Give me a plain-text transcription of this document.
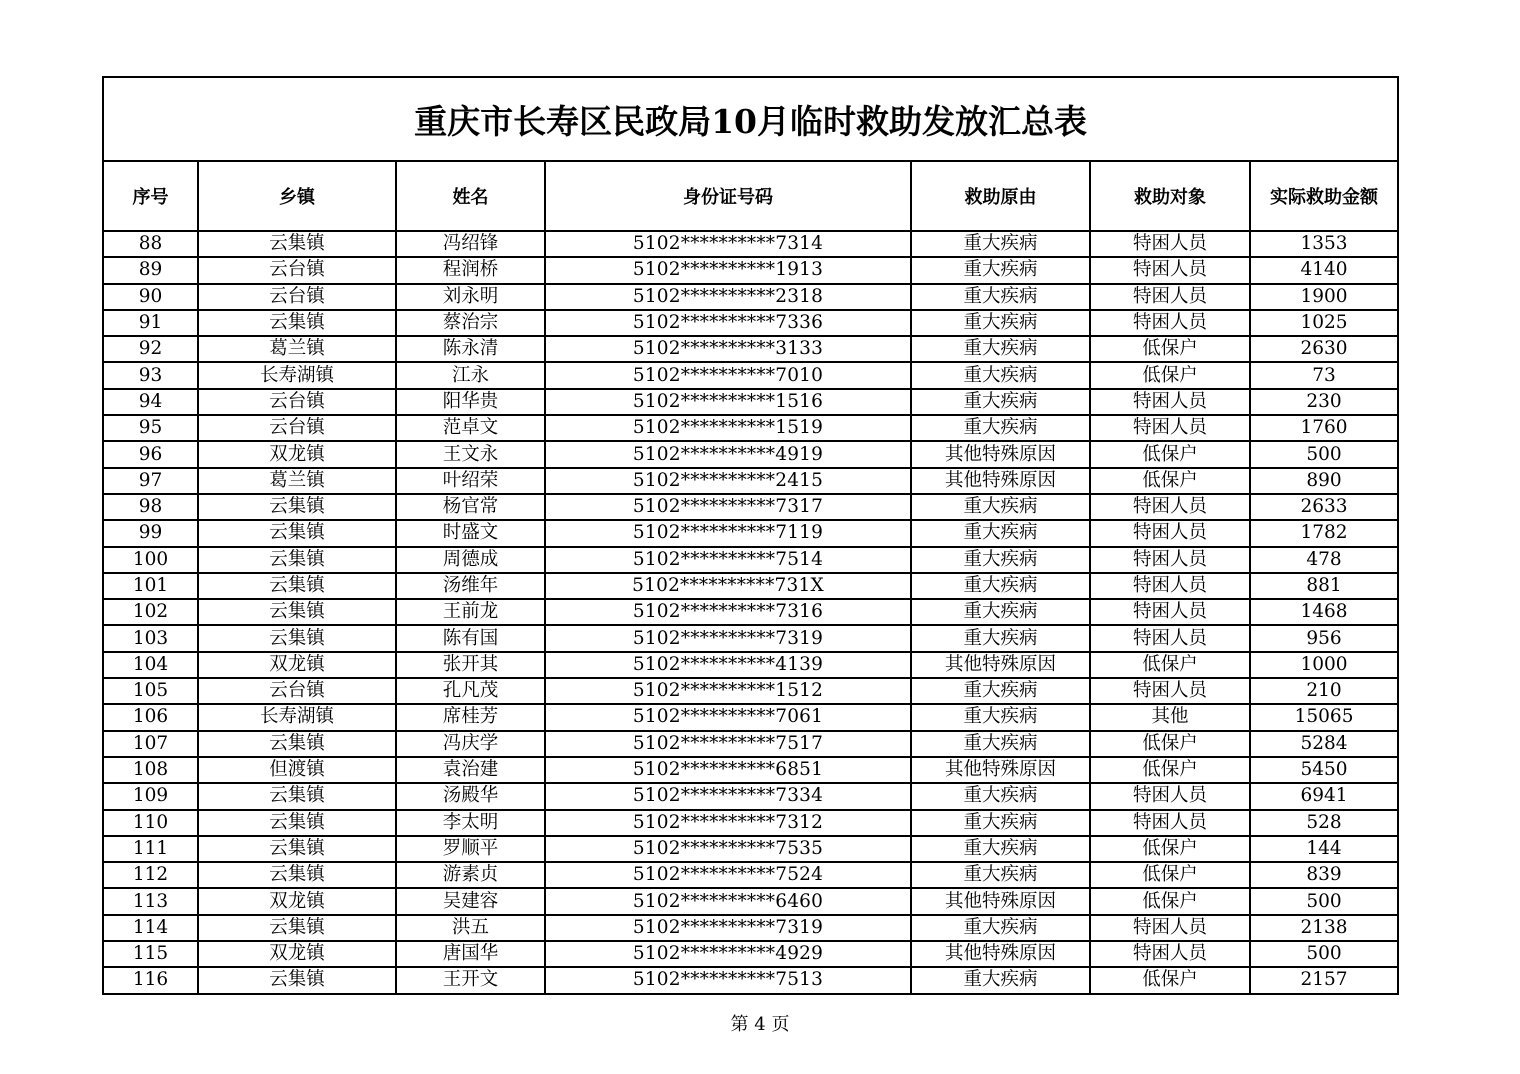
重庆市长寿区民政局10月临时救助发放汇总表						
序号	乡镇	姓名	身份证号码	救助原由	救助对象	实际救助金额
88	云集镇	冯绍锋	5102**********7314	重大疾病	特困人员	1353
89	云台镇	程润桥	5102**********1913	重大疾病	特困人员	4140
90	云台镇	刘永明	5102**********2318	重大疾病	特困人员	1900
91	云集镇	蔡治宗	5102**********7336	重大疾病	特困人员	1025
92	葛兰镇	陈永清	5102**********3133	重大疾病	低保户	2630
93	长寿湖镇	江永	5102**********7010	重大疾病	低保户	73
94	云台镇	阳华贵	5102**********1516	重大疾病	特困人员	230
95	云台镇	范卓文	5102**********1519	重大疾病	特困人员	1760
96	双龙镇	王文永	5102**********4919	其他特殊原因	低保户	500
97	葛兰镇	叶绍荣	5102**********2415	其他特殊原因	低保户	890
98	云集镇	杨官常	5102**********7317	重大疾病	特困人员	2633
99	云集镇	时盛文	5102**********7119	重大疾病	特困人员	1782
100	云集镇	周德成	5102**********7514	重大疾病	特困人员	478
101	云集镇	汤维年	5102**********731X	重大疾病	特困人员	881
102	云集镇	王前龙	5102**********7316	重大疾病	特困人员	1468
103	云集镇	陈有国	5102**********7319	重大疾病	特困人员	956
104	双龙镇	张开其	5102**********4139	其他特殊原因	低保户	1000
105	云台镇	孔凡茂	5102**********1512	重大疾病	特困人员	210
106	长寿湖镇	席桂芳	5102**********7061	重大疾病	其他	15065
107	云集镇	冯庆学	5102**********7517	重大疾病	低保户	5284
108	但渡镇	袁治建	5102**********6851	其他特殊原因	低保户	5450
109	云集镇	汤殿华	5102**********7334	重大疾病	特困人员	6941
110	云集镇	李太明	5102**********7312	重大疾病	特困人员	528
111	云集镇	罗顺平	5102**********7535	重大疾病	低保户	144
112	云集镇	游素贞	5102**********7524	重大疾病	低保户	839
113	双龙镇	吴建容	5102**********6460	其他特殊原因	低保户	500
114	云集镇	洪五	5102**********7319	重大疾病	特困人员	2138
115	双龙镇	唐国华	5102**********4929	其他特殊原因	特困人员	500
116	云集镇	王开文	5102**********7513	重大疾病	低保户	2157
第 4 页
